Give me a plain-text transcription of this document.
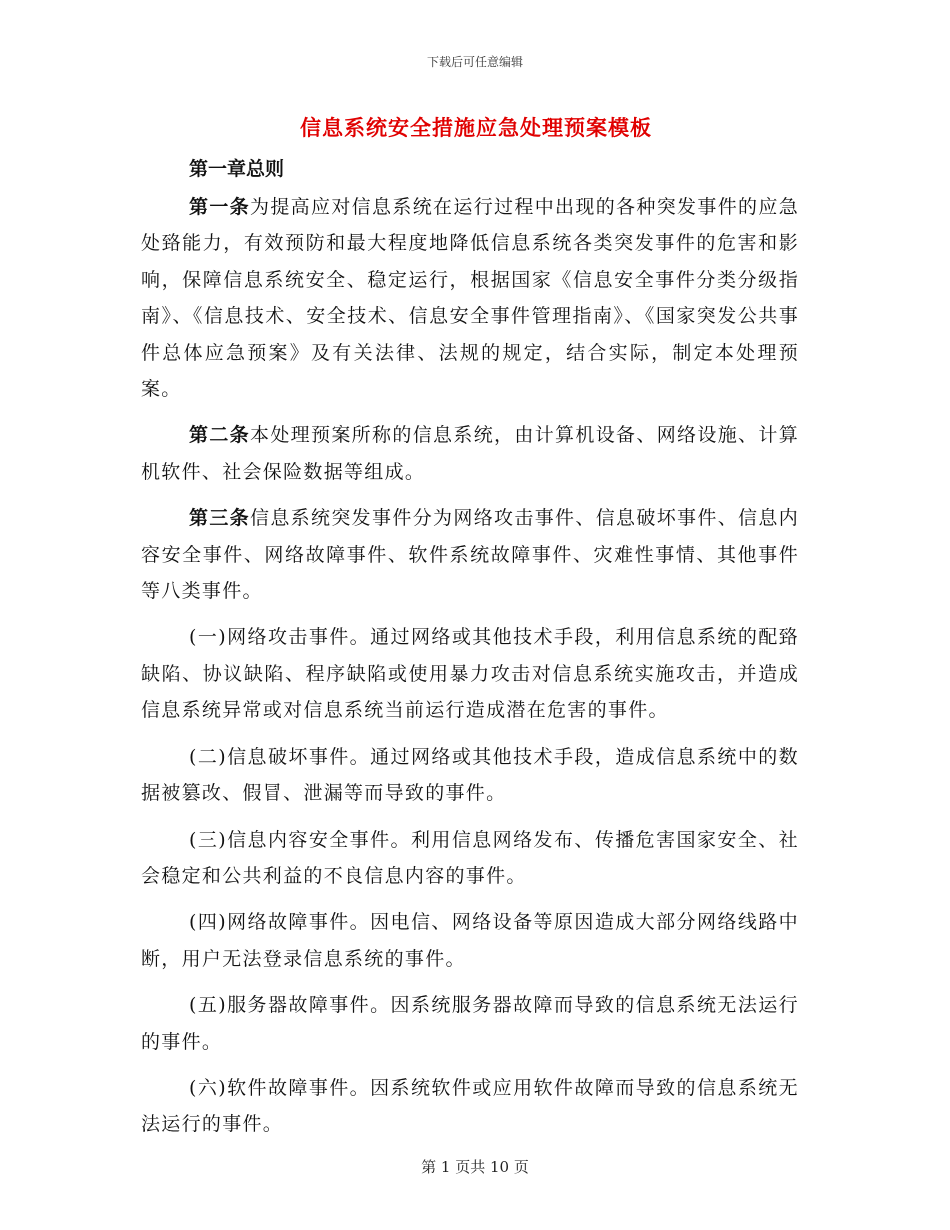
下载后可任意编辑
信息系统安全措施应急处理预案模板
第一章总则

第一条为提高应对信息系统在运行过程中出现的各种突发事件的应急处臵能力，有效预防和最大程度地降低信息系统各类突发事件的危害和影响，保障信息系统安全、稳定运行，根据国家《信息安全事件分类分级指南》、《信息技术、安全技术、信息安全事件管理指南》、《国家突发公共事件总体应急预案》及有关法律、法规的规定，结合实际，制定本处理预案。

第二条本处理预案所称的信息系统，由计算机设备、网络设施、计算机软件、社会保险数据等组成。

第三条信息系统突发事件分为网络攻击事件、信息破坏事件、信息内容安全事件、网络故障事件、软件系统故障事件、灾难性事情、其他事件等八类事件。

(一)网络攻击事件。通过网络或其他技术手段，利用信息系统的配臵缺陷、协议缺陷、程序缺陷或使用暴力攻击对信息系统实施攻击，并造成信息系统异常或对信息系统当前运行造成潜在危害的事件。

(二)信息破坏事件。通过网络或其他技术手段，造成信息系统中的数据被篡改、假冒、泄漏等而导致的事件。

(三)信息内容安全事件。利用信息网络发布、传播危害国家安全、社会稳定和公共利益的不良信息内容的事件。

(四)网络故障事件。因电信、网络设备等原因造成大部分网络线路中断，用户无法登录信息系统的事件。

(五)服务器故障事件。因系统服务器故障而导致的信息系统无法运行的事件。

(六)软件故障事件。因系统软件或应用软件故障而导致的信息系统无法运行的事件。

第 1 页共 10 页
